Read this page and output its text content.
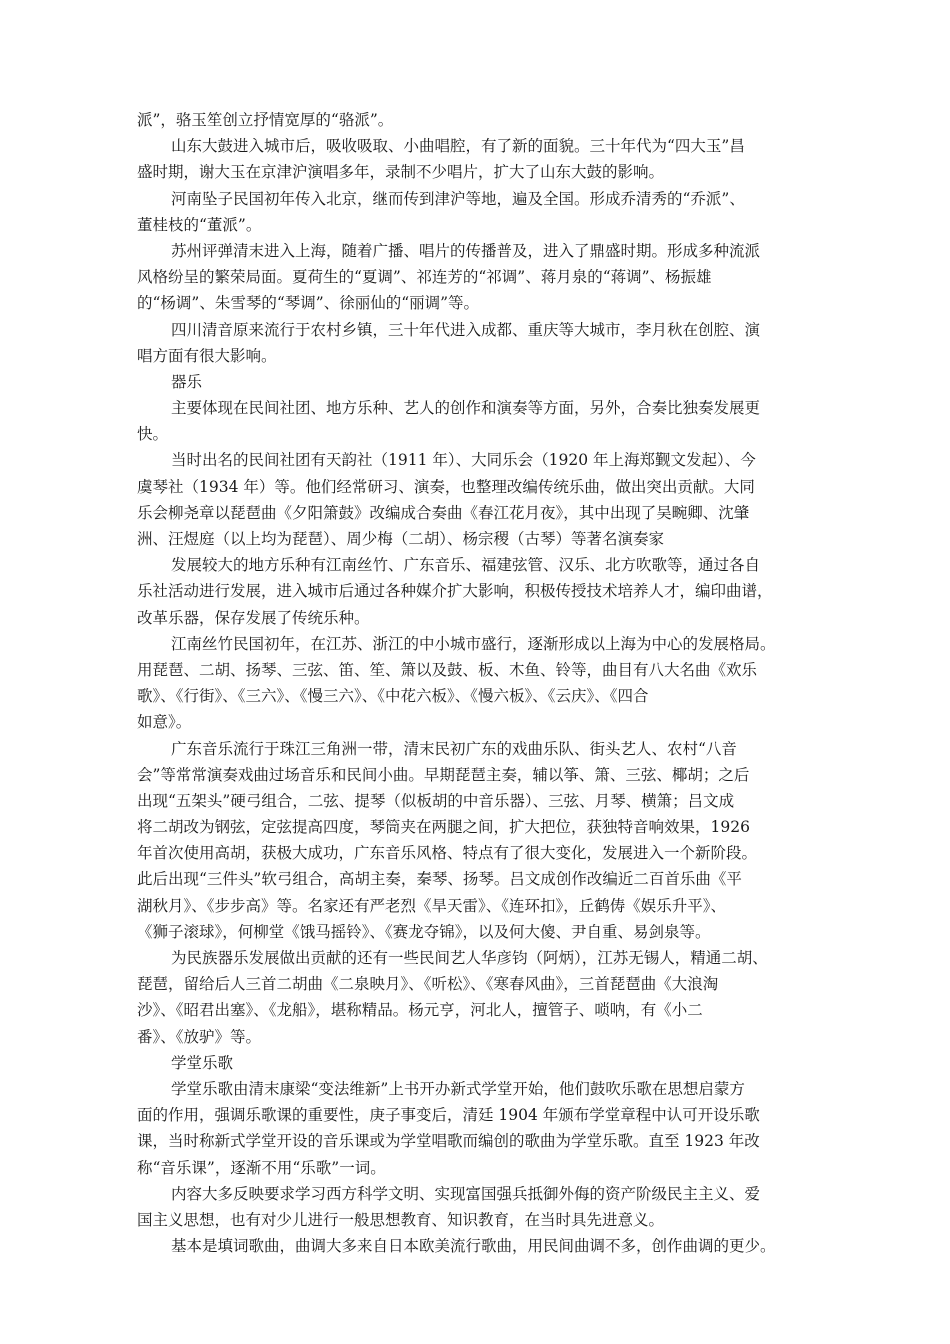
派”，骆玉笙创立抒情宽厚的“骆派”。
山东大鼓进入城市后，吸收吸取、小曲唱腔，有了新的面貌。三十年代为“四大玉”昌
盛时期，谢大玉在京津沪演唱多年，录制不少唱片，扩大了山东大鼓的影响。
河南坠子民国初年传入北京，继而传到津沪等地，遍及全国。形成乔清秀的“乔派”、
董桂枝的“董派”。
苏州评弹清末进入上海，随着广播、唱片的传播普及，进入了鼎盛时期。形成多种流派
风格纷呈的繁荣局面。夏荷生的“夏调”、祁连芳的“祁调”、蒋月泉的“蒋调”、杨振雄
的“杨调”、朱雪琴的“琴调”、徐丽仙的“丽调”等。
四川清音原来流行于农村乡镇，三十年代进入成都、重庆等大城市，李月秋在创腔、演
唱方面有很大影响。
器乐
主要体现在民间社团、地方乐种、艺人的创作和演奏等方面，另外，合奏比独奏发展更
快。
当时出名的民间社团有天韵社（1911 年）、大同乐会（1920 年上海郑觐文发起）、今
虞琴社（1934 年）等。他们经常研习、演奏，也整理改编传统乐曲，做出突出贡献。大同
乐会柳尧章以琵琶曲《夕阳箫鼓》改编成合奏曲《春江花月夜》，其中出现了吴畹卿、沈肇
洲、汪煜庭（以上均为琵琶）、周少梅（二胡）、杨宗稷（古琴）等著名演奏家
发展较大的地方乐种有江南丝竹、广东音乐、福建弦管、汉乐、北方吹歌等，通过各自
乐社活动进行发展，进入城市后通过各种媒介扩大影响，积极传授技术培养人才，编印曲谱，
改革乐器，保存发展了传统乐种。
江南丝竹民国初年，在江苏、浙江的中小城市盛行，逐渐形成以上海为中心的发展格局。
用琵琶、二胡、扬琴、三弦、笛、笙、箫以及鼓、板、木鱼、铃等，曲目有八大名曲《欢乐
歌》、《行街》、《三六》、《慢三六》、《中花六板》、《慢六板》、《云庆》、《四合
如意》。
广东音乐流行于珠江三角洲一带，清末民初广东的戏曲乐队、街头艺人、农村“八音
会”等常常演奏戏曲过场音乐和民间小曲。早期琵琶主奏，辅以筝、箫、三弦、椰胡；之后
出现“五架头”硬弓组合，二弦、提琴（似板胡的中音乐器）、三弦、月琴、横箫；吕文成
将二胡改为钢弦，定弦提高四度，琴筒夹在两腿之间，扩大把位，获独特音响效果，1926
年首次使用高胡，获极大成功，广东音乐风格、特点有了很大变化，发展进入一个新阶段。
此后出现“三件头”软弓组合，高胡主奏，秦琴、扬琴。吕文成创作改编近二百首乐曲《平
湖秋月》、《步步高》等。名家还有严老烈《旱天雷》、《连环扣》，丘鹤俦《娱乐升平》、
《狮子滚球》，何柳堂《饿马摇铃》、《赛龙夺锦》，以及何大傻、尹自重、易剑泉等。
为民族器乐发展做出贡献的还有一些民间艺人华彦钧（阿炳），江苏无锡人，精通二胡、
琵琶，留给后人三首二胡曲《二泉映月》、《听松》、《寒春风曲》，三首琵琶曲《大浪淘
沙》、《昭君出塞》、《龙船》，堪称精品。杨元亨，河北人，擅管子、唢呐，有《小二
番》、《放驴》等。
学堂乐歌
学堂乐歌由清末康梁“变法维新”上书开办新式学堂开始，他们鼓吹乐歌在思想启蒙方
面的作用，强调乐歌课的重要性，庚子事变后，清廷 1904 年颁布学堂章程中认可开设乐歌
课，当时称新式学堂开设的音乐课或为学堂唱歌而编创的歌曲为学堂乐歌。直至 1923 年改
称“音乐课”，逐渐不用“乐歌”一词。
内容大多反映要求学习西方科学文明、实现富国强兵抵御外侮的资产阶级民主主义、爱
国主义思想，也有对少儿进行一般思想教育、知识教育，在当时具先进意义。
基本是填词歌曲，曲调大多来自日本欧美流行歌曲，用民间曲调不多，创作曲调的更少。
